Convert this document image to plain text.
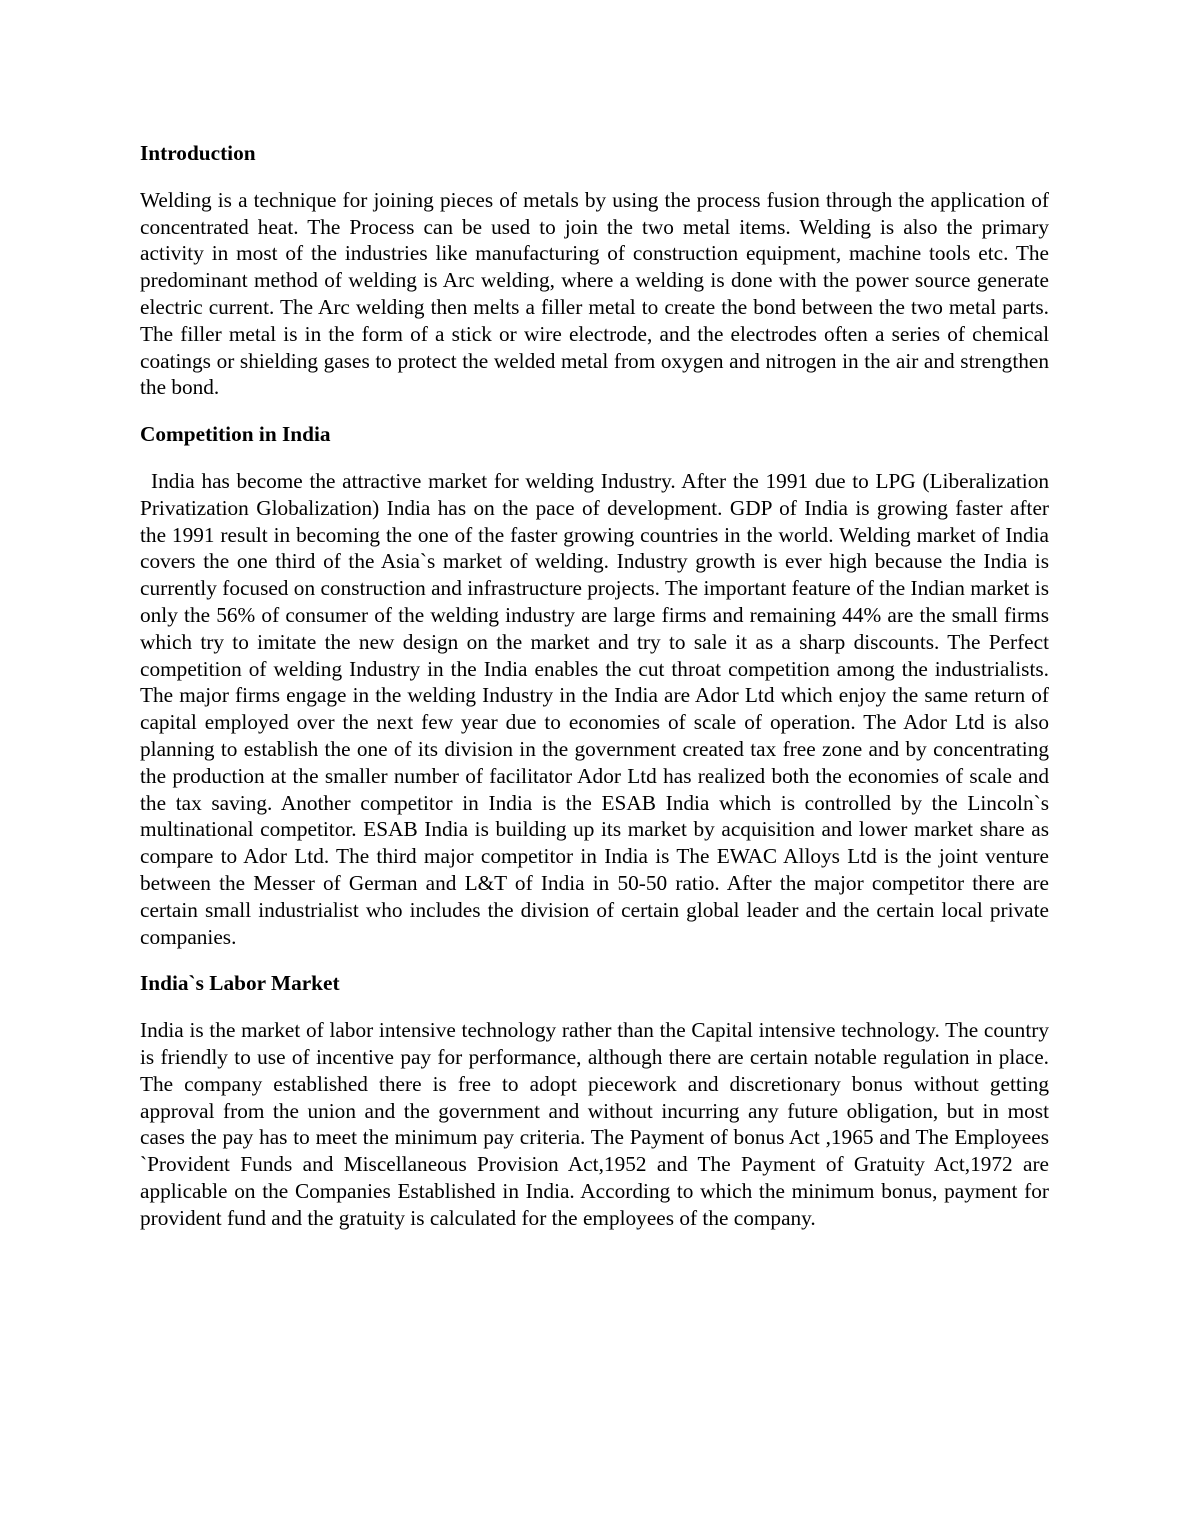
Introduction

Welding is a technique for joining pieces of metals by using the process fusion through the application of concentrated heat. The Process can be used to join the two metal items. Welding is also the primary activity in most of the industries like manufacturing of construction equipment, machine tools etc. The predominant method of welding is Arc welding, where a welding is done with the power source generate electric current. The Arc welding then melts a filler metal to create the bond between the two metal parts. The filler metal is in the form of a stick or wire electrode, and the electrodes often a series of chemical coatings or shielding gases to protect the welded metal from oxygen and nitrogen in the air and strengthen the bond.

Competition in India

India has become the attractive market for welding Industry. After the 1991 due to LPG (Liberalization Privatization Globalization) India has on the pace of development. GDP of India is growing faster after the 1991 result in becoming the one of the faster growing countries in the world. Welding market of India covers the one third of the Asia`s market of welding. Industry growth is ever high because the India is currently focused on construction and infrastructure projects. The important feature of the Indian market is only the 56% of consumer of the welding industry are large firms and remaining 44% are the small firms which try to imitate the new design on the market and try to sale it as a sharp discounts. The Perfect competition of welding Industry in the India enables the cut throat competition among the industrialists. The major firms engage in the welding Industry in the India are Ador Ltd which enjoy the same return of capital employed over the next few year due to economies of scale of operation. The Ador Ltd is also planning to establish the one of its division in the government created tax free zone and by concentrating the production at the smaller number of facilitator Ador Ltd has realized both the economies of scale and the tax saving. Another competitor in India is the ESAB India which is controlled by the Lincoln`s multinational competitor. ESAB India is building up its market by acquisition and lower market share as compare to Ador Ltd. The third major competitor in India is The EWAC Alloys Ltd is the joint venture between the Messer of German and L&T of India in 50-50 ratio. After the major competitor there are certain small industrialist who includes the division of certain global leader and the certain local private companies.

India`s Labor Market

India is the market of labor intensive technology rather than the Capital intensive technology. The country is friendly to use of incentive pay for performance, although there are certain notable regulation in place. The company established there is free to adopt piecework and discretionary bonus without getting approval from the union and the government and without incurring any future obligation, but in most cases the pay has to meet the minimum pay criteria. The Payment of bonus Act ,1965 and The Employees `Provident Funds and Miscellaneous Provision Act,1952 and The Payment of Gratuity Act,1972 are applicable on the Companies Established in India. According to which the minimum bonus, payment for provident fund and the gratuity is calculated for the employees of the company.
